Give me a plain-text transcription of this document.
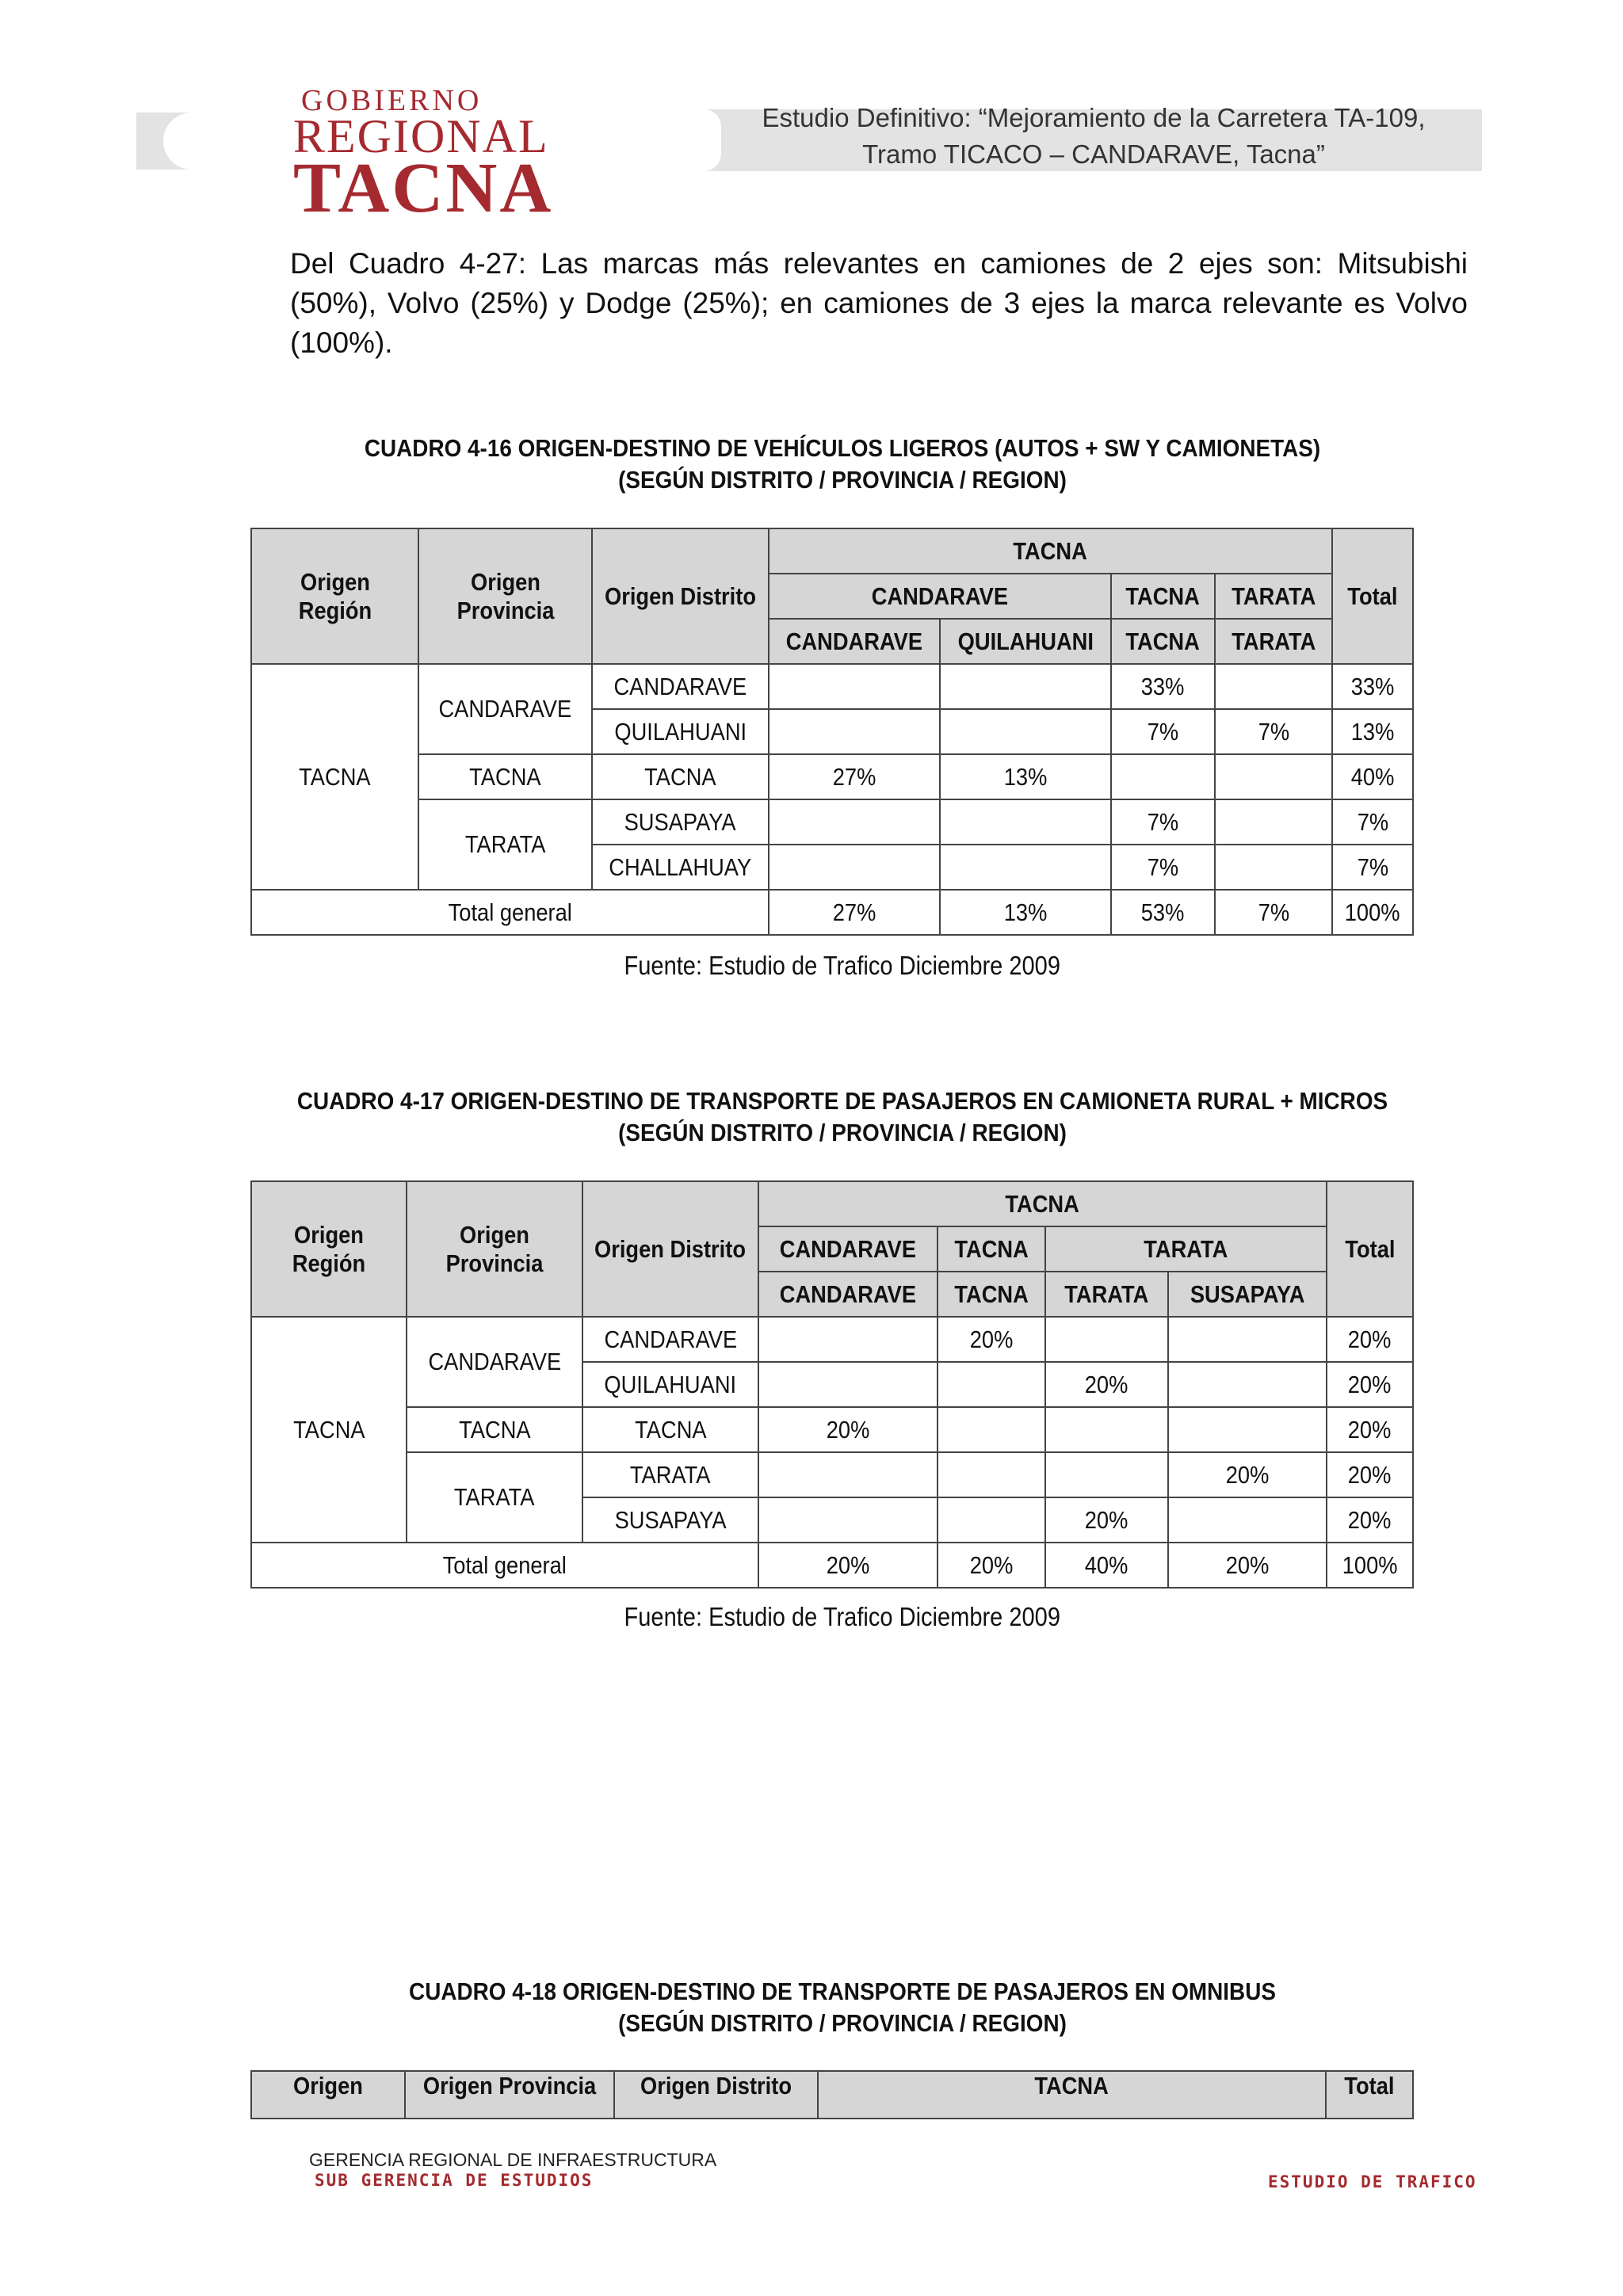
GOBIERNO
REGIONAL
TACNA
Estudio Definitivo: “Mejoramiento de la Carretera TA-109,
Tramo TICACO – CANDARAVE, Tacna”
Del Cuadro 4-27: Las marcas más relevantes en camiones de 2 ejes son: Mitsubishi (50%), Volvo (25%) y Dodge (25%); en camiones de 3 ejes la marca relevante es Volvo (100%).
CUADRO 4-16 ORIGEN-DESTINO DE VEHÍCULOS LIGEROS (AUTOS + SW Y CAMIONETAS)
(SEGÚN DISTRITO / PROVINCIA / REGION)
Origen Región	Origen Provincia	Origen Distrito	TACNA				Total
			CANDARAVE		TACNA	TARATA	
			CANDARAVE	QUILAHUANI	TACNA	TARATA	
TACNA	CANDARAVE	CANDARAVE			33%		33%
		QUILAHUANI			7%	7%	13%
	TACNA	TACNA	27%	13%			40%
	TARATA	SUSAPAYA			7%		7%
		CHALLAHUAY			7%		7%
Total general			27%	13%	53%	7%	100%
Fuente: Estudio de Trafico Diciembre 2009
CUADRO 4-17 ORIGEN-DESTINO DE TRANSPORTE DE PASAJEROS EN CAMIONETA RURAL + MICROS
(SEGÚN DISTRITO / PROVINCIA / REGION)
Origen Región	Origen Provincia	Origen Distrito	TACNA				Total
			CANDARAVE	TACNA	TARATA		
			CANDARAVE	TACNA	TARATA	SUSAPAYA	
TACNA	CANDARAVE	CANDARAVE		20%			20%
		QUILAHUANI			20%		20%
	TACNA	TACNA	20%				20%
	TARATA	TARATA				20%	20%
		SUSAPAYA			20%		20%
Total general			20%	20%	40%	20%	100%
Fuente: Estudio de Trafico Diciembre 2009
CUADRO 4-18 ORIGEN-DESTINO DE TRANSPORTE DE PASAJEROS EN OMNIBUS
(SEGÚN DISTRITO / PROVINCIA / REGION)
Origen	Origen Provincia	Origen Distrito	TACNA	Total
GERENCIA REGIONAL DE INFRAESTRUCTURA
SUB GERENCIA DE ESTUDIOS	ESTUDIO DE TRAFICO
